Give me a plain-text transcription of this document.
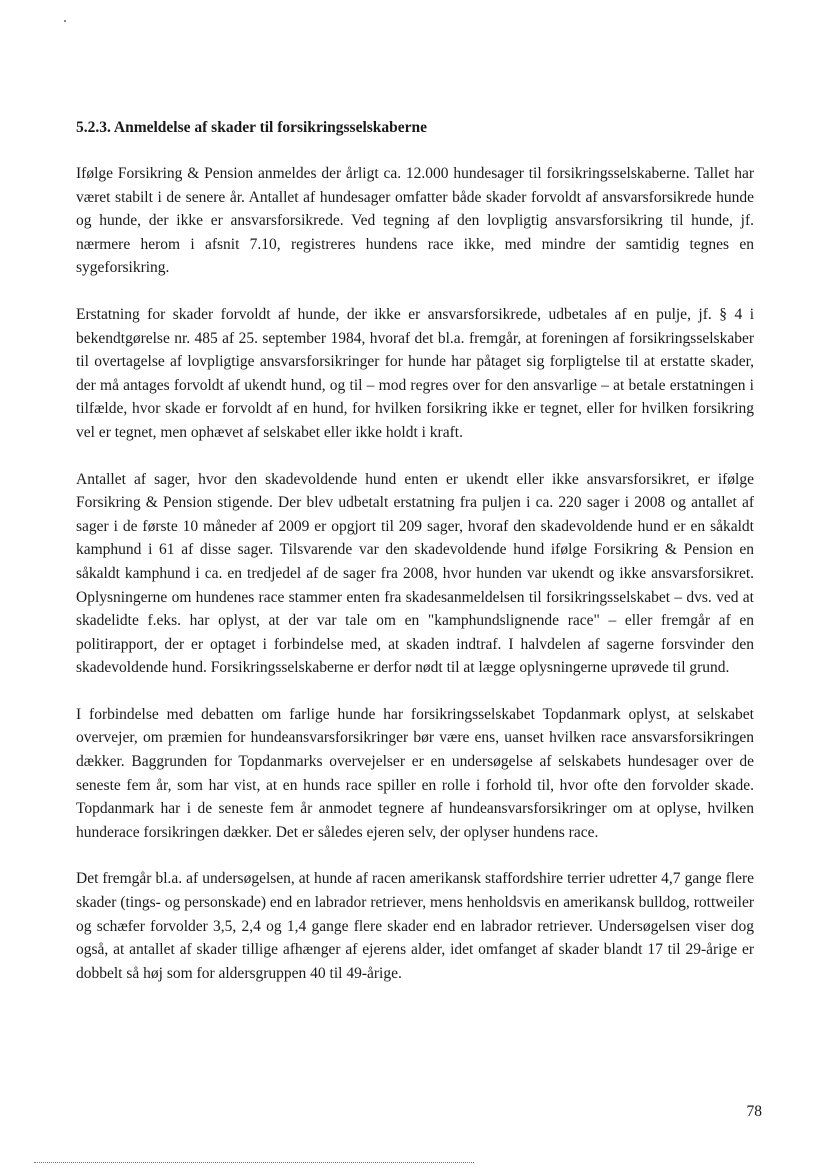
5.2.3. Anmeldelse af skader til forsikringsselskaberne

Ifølge Forsikring & Pension anmeldes der årligt ca. 12.000 hundesager til forsikringsselskaberne. Tallet har været stabilt i de senere år. Antallet af hundesager omfatter både skader forvoldt af ansvarsforsikrede hunde og hunde, der ikke er ansvarsforsikrede. Ved tegning af den lovpligtig ansvarsforsikring til hunde, jf. nærmere herom i afsnit 7.10, registreres hundens race ikke, med mindre der samtidig tegnes en sygeforsikring.

Erstatning for skader forvoldt af hunde, der ikke er ansvarsforsikrede, udbetales af en pulje, jf. § 4 i bekendtgørelse nr. 485 af 25. september 1984, hvoraf det bl.a. fremgår, at foreningen af forsikringsselskaber til overtagelse af lovpligtige ansvarsforsikringer for hunde har påtaget sig forpligtelse til at erstatte skader, der må antages forvoldt af ukendt hund, og til – mod regres over for den ansvarlige – at betale erstatningen i tilfælde, hvor skade er forvoldt af en hund, for hvilken forsikring ikke er tegnet, eller for hvilken forsikring vel er tegnet, men ophævet af selskabet eller ikke holdt i kraft.

Antallet af sager, hvor den skadevoldende hund enten er ukendt eller ikke ansvarsforsikret, er ifølge Forsikring & Pension stigende. Der blev udbetalt erstatning fra puljen i ca. 220 sager i 2008 og antallet af sager i de første 10 måneder af 2009 er opgjort til 209 sager, hvoraf den skadevoldende hund er en såkaldt kamphund i 61 af disse sager. Tilsvarende var den skadevoldende hund ifølge Forsikring & Pension en såkaldt kamphund i ca. en tredjedel af de sager fra 2008, hvor hunden var ukendt og ikke ansvarsforsikret. Oplysningerne om hundenes race stammer enten fra skadesanmeldelsen til forsikringsselskabet – dvs. ved at skadelidte f.eks. har oplyst, at der var tale om en "kamphundslignende race" – eller fremgår af en politirapport, der er optaget i forbindelse med, at skaden indtraf. I halvdelen af sagerne forsvinder den skadevoldende hund. Forsikringsselskaberne er derfor nødt til at lægge oplysningerne uprøvede til grund.

I forbindelse med debatten om farlige hunde har forsikringsselskabet Topdanmark oplyst, at selskabet overvejer, om præmien for hundeansvarsforsikringer bør være ens, uanset hvilken race ansvarsforsikringen dækker. Baggrunden for Topdanmarks overvejelser er en undersøgelse af selskabets hundesager over de seneste fem år, som har vist, at en hunds race spiller en rolle i forhold til, hvor ofte den forvolder skade. Topdanmark har i de seneste fem år anmodet tegnere af hundeansvarsforsikringer om at oplyse, hvilken hunderace forsikringen dækker. Det er således ejeren selv, der oplyser hundens race.

Det fremgår bl.a. af undersøgelsen, at hunde af racen amerikansk staffordshire terrier udretter 4,7 gange flere skader (tings- og personskade) end en labrador retriever, mens henholdsvis en amerikansk bulldog, rottweiler og schæfer forvolder 3,5, 2,4 og 1,4 gange flere skader end en labrador retriever. Undersøgelsen viser dog også, at antallet af skader tillige afhænger af ejerens alder, idet omfanget af skader blandt 17 til 29-årige er dobbelt så høj som for aldersgruppen 40 til 49-årige.

78
